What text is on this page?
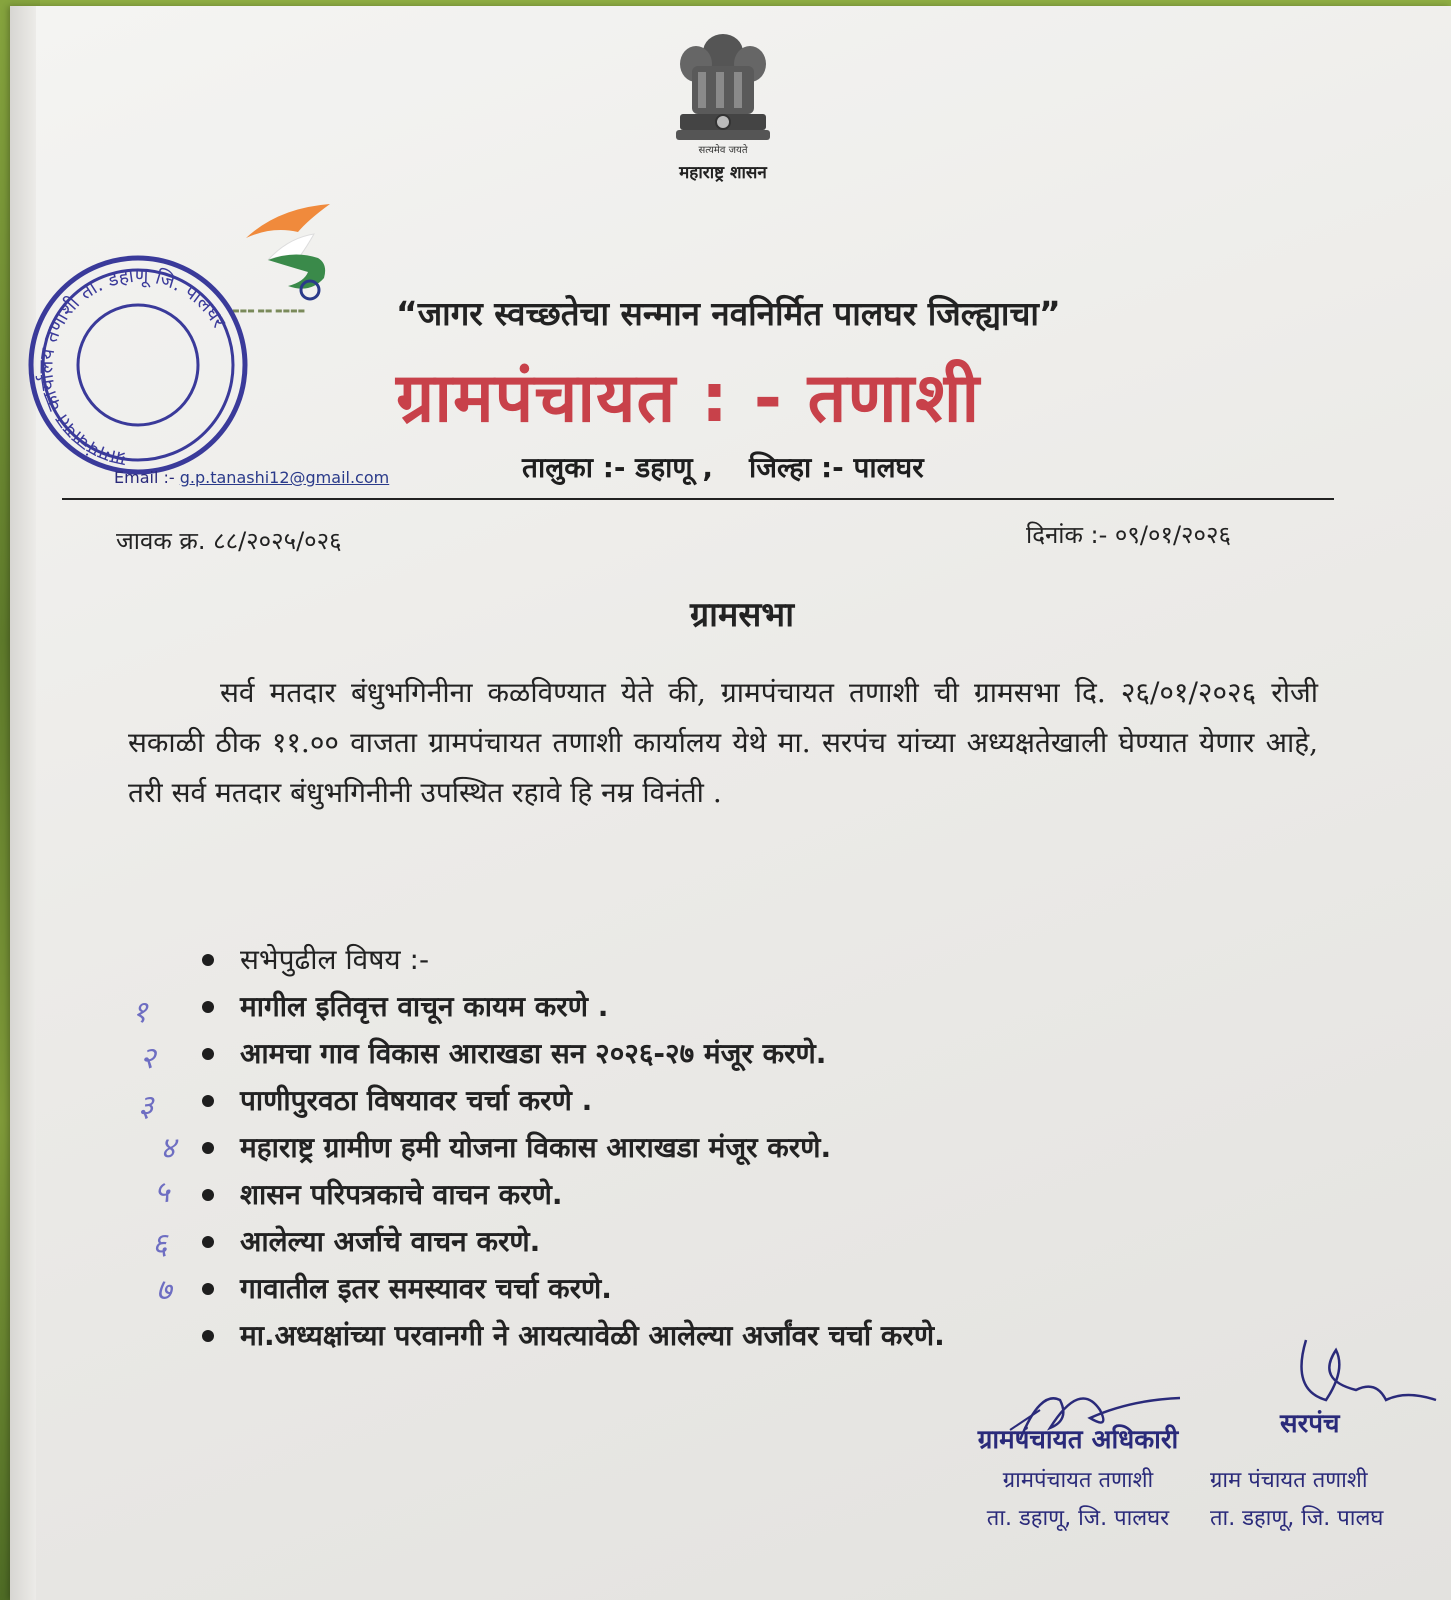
सत्यमेव जयते
महाराष्ट्र शासन
▬▬▬ ▬▬ ▬▬▬▬
ग्रामपंचायत कार्यालय तणाशी ता. डहाणू जि. पालघर
Email :- g.p.tanashi12@gmail.com
“जागर स्वच्छतेचा सन्मान नवनिर्मित पालघर जिल्ह्याचा”
ग्रामपंचायत : - तणाशी
तालुका :- डहाणू , जिल्हा :- पालघर
जावक क्र. ८८/२०२५/०२६	दिनांक :- ०९/०१/२०२६
ग्रामसभा
सर्व मतदार बंधुभगिनीना कळविण्यात येते की, ग्रामपंचायत तणाशी ची ग्रामसभा दि. २६/०१/२०२६ रोजी सकाळी ठीक ११.०० वाजता ग्रामपंचायत तणाशी कार्यालय येथे मा. सरपंच यांच्या अध्यक्षतेखाली घेण्यात येणार आहे, तरी सर्व मतदार बंधुभगिनीनी उपस्थित रहावे हि नम्र विनंती .
सभेपुढील विषय :-
मागील इतिवृत्त वाचून कायम करणे .
आमचा गाव विकास आराखडा सन २०२६-२७ मंजूर करणे.
पाणीपुरवठा विषयावर चर्चा करणे .
महाराष्ट्र ग्रामीण हमी योजना विकास आराखडा मंजूर करणे.
शासन परिपत्रकाचे वाचन करणे.
आलेल्या अर्जाचे वाचन करणे.
गावातील इतर समस्यावर चर्चा करणे.
मा.अध्यक्षांच्या परवानगी ने आयत्यावेळी आलेल्या अर्जांवर चर्चा करणे.
१
२
३
४
५
६
७
ग्रामपंचायत अधिकारी
ग्रामपंचायत तणाशी
ता. डहाणू, जि. पालघर
सरपंच
ग्राम पंचायत तणाशी
ता. डहाणू, जि. पालघ
